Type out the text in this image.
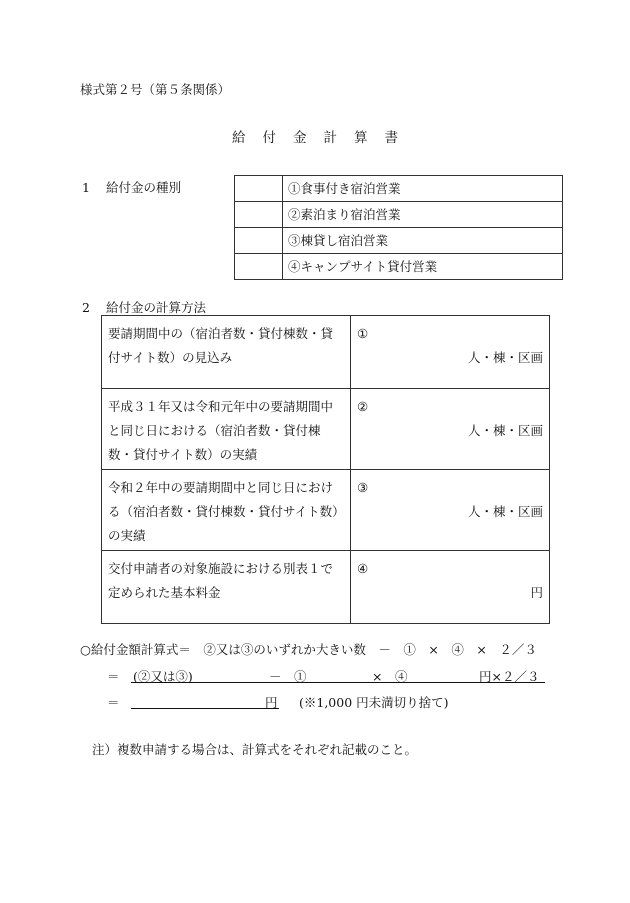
様式第２号（第５条関係）
給付金計算書
1 給付金の種別
		①食事付き宿泊営業
	②素泊まり宿泊営業
	③棟貸し宿泊営業
	④キャンプサイト貸付営業
2 給付金の計算方法
要請期間中の（宿泊者数・貸付棟数・貸付サイト数）の見込み	①
人・棟・区画

平成３１年又は令和元年中の要請期間中と同じ日における（宿泊者数・貸付棟数・貸付サイト数）の実績	②
人・棟・区画

令和２年中の要請期間中と同じ日における（宿泊者数・貸付棟数・貸付サイト数）の実績	③
人・棟・区画

交付申請者の対象施設における別表１で定められた基本料金	④
円
○給付金額計算式＝　②又は③のいずれか大きい数　－　①　×　④　×　２／３
＝ (②又は③)	－　①	×　④	円×２／３
＝	円 (※1,000 円未満切り捨て)
注）複数申請する場合は、計算式をそれぞれ記載のこと。
